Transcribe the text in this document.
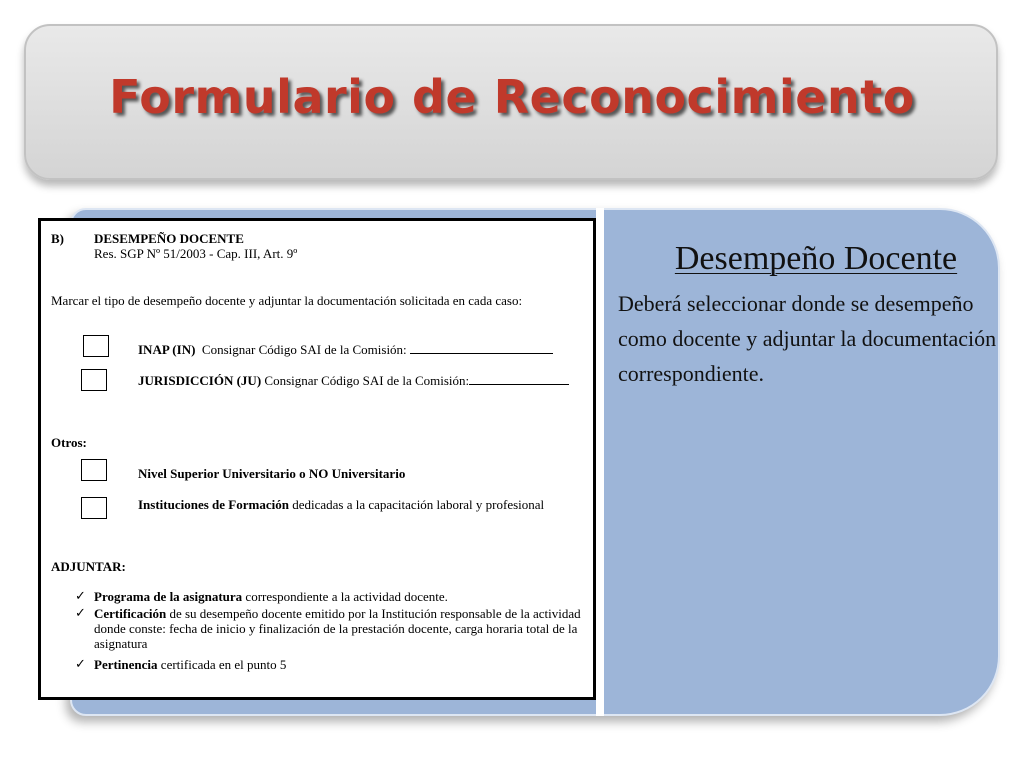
Formulario de Reconocimiento
Desempeño Docente

Deberá seleccionar donde se desempeño como docente y adjuntar la documentación correspondiente.

B) DESEMPEÑO DOCENTE
Res. SGP Nº 51/2003 - Cap. III, Art. 9º
Marcar el tipo de desempeño docente y adjuntar la documentación solicitada en cada caso:
INAP (IN) Consignar Código SAI de la Comisión:
JURISDICCIÓN (JU) Consignar Código SAI de la Comisión:
Otros:
Nivel Superior Universitario o NO Universitario
Instituciones de Formación dedicadas a la capacitación laboral y profesional
ADJUNTAR:
✓ Programa de la asignatura correspondiente a la actividad docente.
✓ Certificación de su desempeño docente emitido por la Institución responsable de la actividad donde conste: fecha de inicio y finalización de la prestación docente, carga horaria total de la asignatura
✓ Pertinencia certificada en el punto 5
